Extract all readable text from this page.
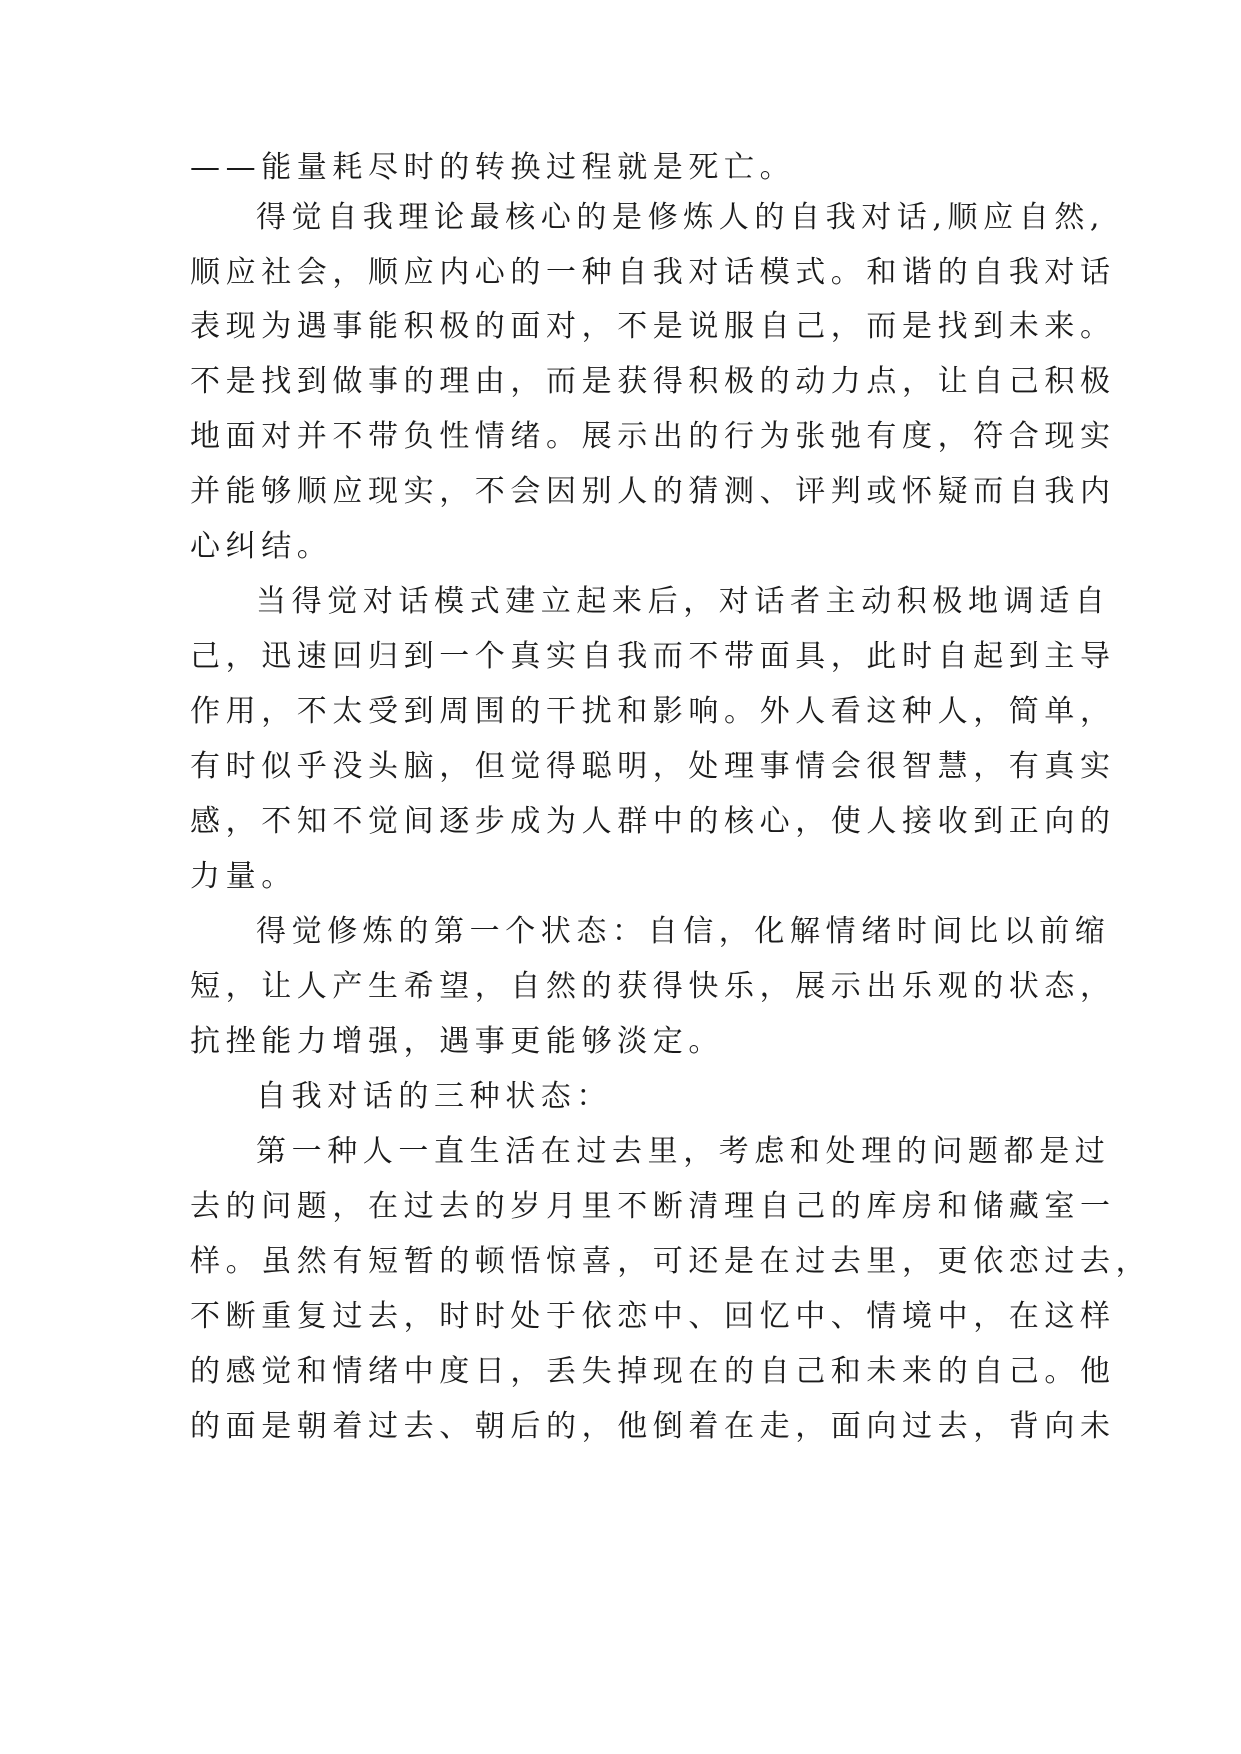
——能量耗尽时的转换过程就是死亡。
得觉自我理论最核心的是修炼人的自我对话,顺应自然,
顺应社会，顺应内心的一种自我对话模式。和谐的自我对话
表现为遇事能积极的面对，不是说服自己，而是找到未来。
不是找到做事的理由，而是获得积极的动力点，让自己积极
地面对并不带负性情绪。展示出的行为张弛有度，符合现实
并能够顺应现实，不会因别人的猜测、评判或怀疑而自我内
心纠结。
当得觉对话模式建立起来后，对话者主动积极地调适自
己，迅速回归到一个真实自我而不带面具，此时自起到主导
作用，不太受到周围的干扰和影响。外人看这种人，简单，
有时似乎没头脑，但觉得聪明，处理事情会很智慧，有真实
感，不知不觉间逐步成为人群中的核心，使人接收到正向的
力量。
得觉修炼的第一个状态：自信，化解情绪时间比以前缩
短，让人产生希望，自然的获得快乐，展示出乐观的状态，
抗挫能力增强，遇事更能够淡定。
自我对话的三种状态：
第一种人一直生活在过去里，考虑和处理的问题都是过
去的问题，在过去的岁月里不断清理自己的库房和储藏室一
样。虽然有短暂的顿悟惊喜，可还是在过去里，更依恋过去，
不断重复过去，时时处于依恋中、回忆中、情境中，在这样
的感觉和情绪中度日，丢失掉现在的自己和未来的自己。他
的面是朝着过去、朝后的，他倒着在走，面向过去，背向未
